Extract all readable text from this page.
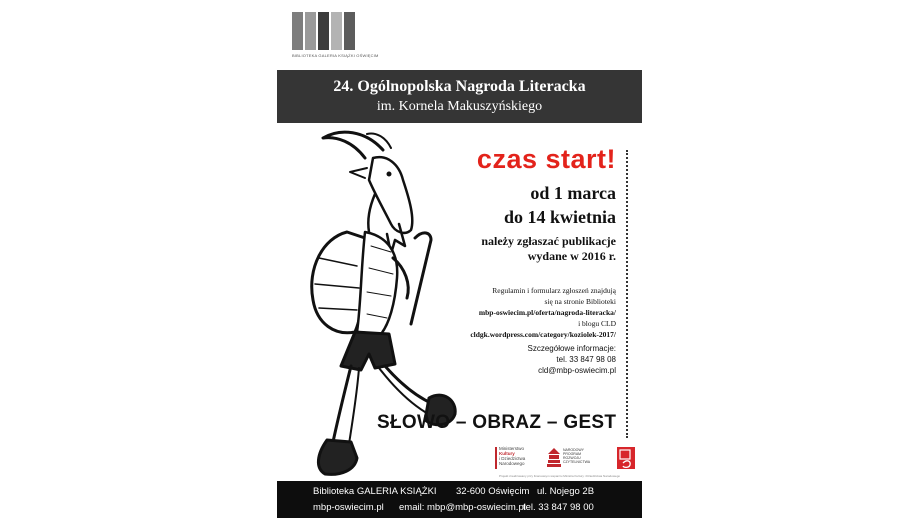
BIBLIOTEKA GALERIA KSIĄŻKI OŚWIĘCIM
24. Ogólnopolska Nagroda Literacka
im. Kornela Makuszyńskiego
czas start!
od 1 marca
do 14 kwietnia
należy zgłaszać publikacje
wydane w 2016 r.
Regulamin i formularz zgłoszeń znajdują
się na stronie Biblioteki
mbp-oswiecim.pl/oferta/nagroda-literacka/
i blogu CLD
cldgk.wordpress.com/category/koziolek-2017/
Szczegółowe informacje:
tel. 33 847 98 08
cld@mbp-oswiecim.pl
SŁOWO – OBRAZ – GEST
Ministerstwo
Kultury
i Dziedzictwa
Narodowego
NARODOWY
PROGRAM
ROZWOJU
CZYTELNICTWA
Projekt zrealizowany przy finansowym wsparciu Ministra Kultury i Dziedzictwa Narodowego
Biblioteka GALERIA KSIĄŻKI 32-600 Oświęcim ul. Nojego 2B
mbp-oswiecim.pl email: mbp@mbp-oswiecim.pl
tel. 33 847 98 00
